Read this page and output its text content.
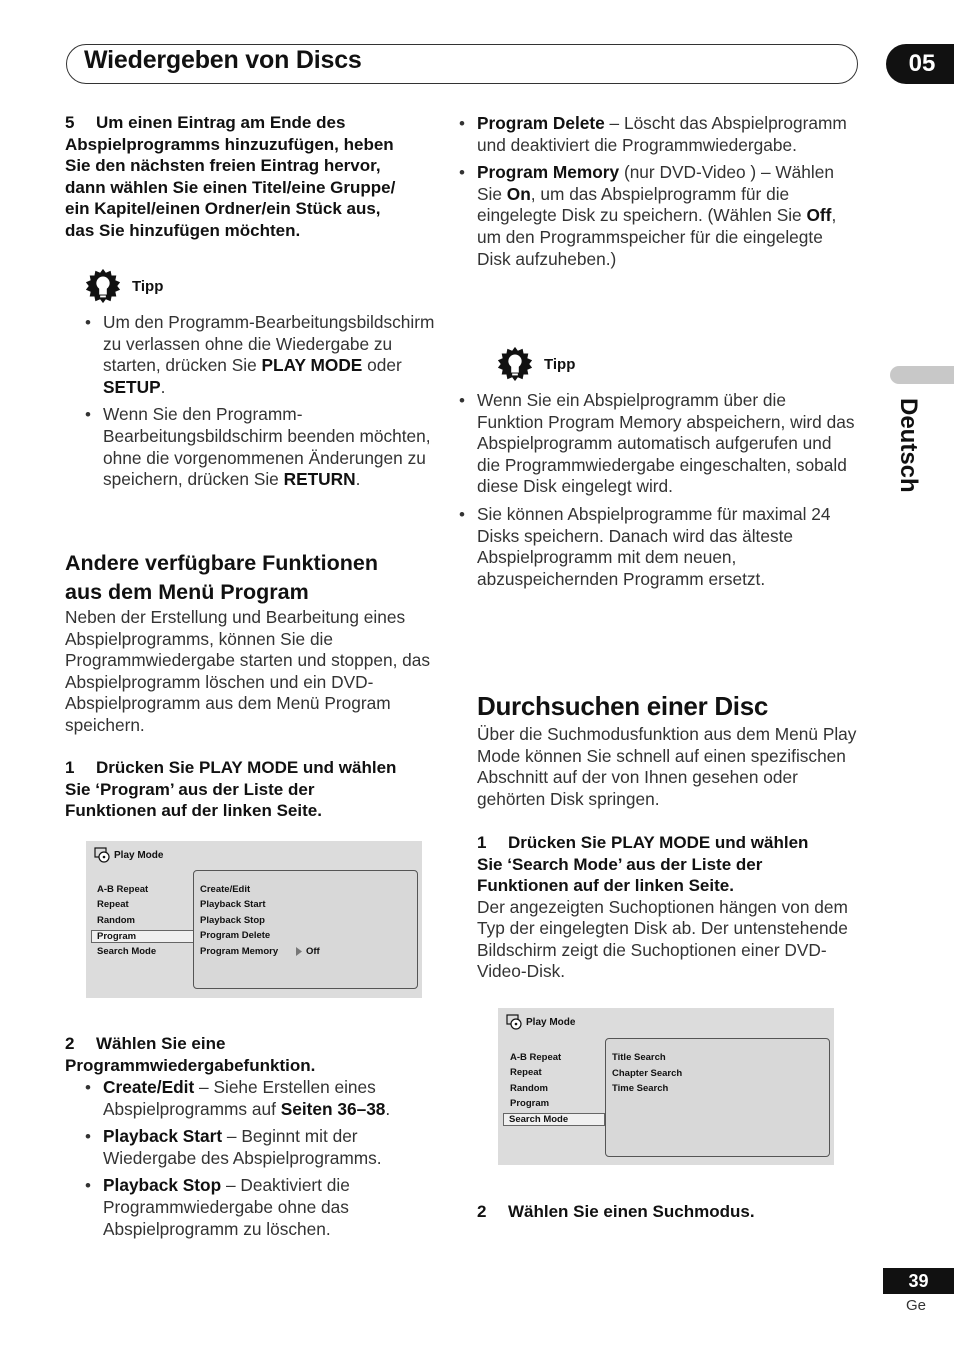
Wiedergeben von Discs	05
Deutsch
5 Um einen Eintrag am Ende des
Abspielprogramms hinzuzufügen, heben
Sie den nächsten freien Eintrag hervor,
dann wählen Sie einen Titel/eine Gruppe/
ein Kapitel/einen Ordner/ein Stück aus,
das Sie hinzufügen möchten.
Tipp
• Um den Programm-Bearbeitungsbildschirm zu verlassen ohne die Wiedergabe zu starten, drücken Sie PLAY MODE oder SETUP.
• Wenn Sie den Programm-Bearbeitungsbildschirm beenden möchten, ohne die vorgenommenen Änderungen zu speichern, drücken Sie RETURN.
Andere verfügbare Funktionen
aus dem Menü Program
Neben der Erstellung und Bearbeitung eines Abspielprogramms, können Sie die Programmwiedergabe starten und stoppen, das Abspielprogramm löschen und ein DVD-Abspielprogramm aus dem Menü Program speichern.
1 Drücken Sie PLAY MODE und wählen
Sie ‘Program’ aus der Liste der
Funktionen auf der linken Seite.
Play Mode
A-B Repeat
Repeat
Random
Program
Search Mode
Create/Edit
Playback Start
Playback Stop
Program Delete
Program Memory	Off
2 Wählen Sie eine
Programmwiedergabefunktion.
• Create/Edit – Siehe Erstellen eines Abspielprogramms auf Seiten 36–38.
• Playback Start – Beginnt mit der Wiedergabe des Abspielprogramms.
• Playback Stop – Deaktiviert die Programmwiedergabe ohne das Abspielprogramm zu löschen.
• Program Delete – Löscht das Abspielprogramm und deaktiviert die Programmwiedergabe.
• Program Memory (nur DVD-Video ) – Wählen Sie On, um das Abspielprogramm für die eingelegte Disk zu speichern. (Wählen Sie Off, um den Programmspeicher für die eingelegte Disk aufzuheben.)
Tipp
• Wenn Sie ein Abspielprogramm über die Funktion Program Memory abspeichern, wird das Abspielprogramm automatisch aufgerufen und die Programmwiedergabe eingeschalten, sobald diese Disk eingelegt wird.
• Sie können Abspielprogramme für maximal 24 Disks speichern. Danach wird das älteste Abspielprogramm mit dem neuen, abzuspeichernden Programm ersetzt.
Durchsuchen einer Disc
Über die Suchmodusfunktion aus dem Menü Play Mode können Sie schnell auf einen spezifischen Abschnitt auf der von Ihnen gesehen oder gehörten Disk springen.
1 Drücken Sie PLAY MODE und wählen
Sie ‘Search Mode’ aus der Liste der
Funktionen auf der linken Seite.
Der angezeigten Suchoptionen hängen von dem Typ der eingelegten Disk ab. Der untenstehende Bildschirm zeigt die Suchoptionen einer DVD-Video-Disk.
Play Mode
A-B Repeat
Repeat
Random
Program
Search Mode
Title Search
Chapter Search
Time Search
2 Wählen Sie einen Suchmodus.
39
Ge
